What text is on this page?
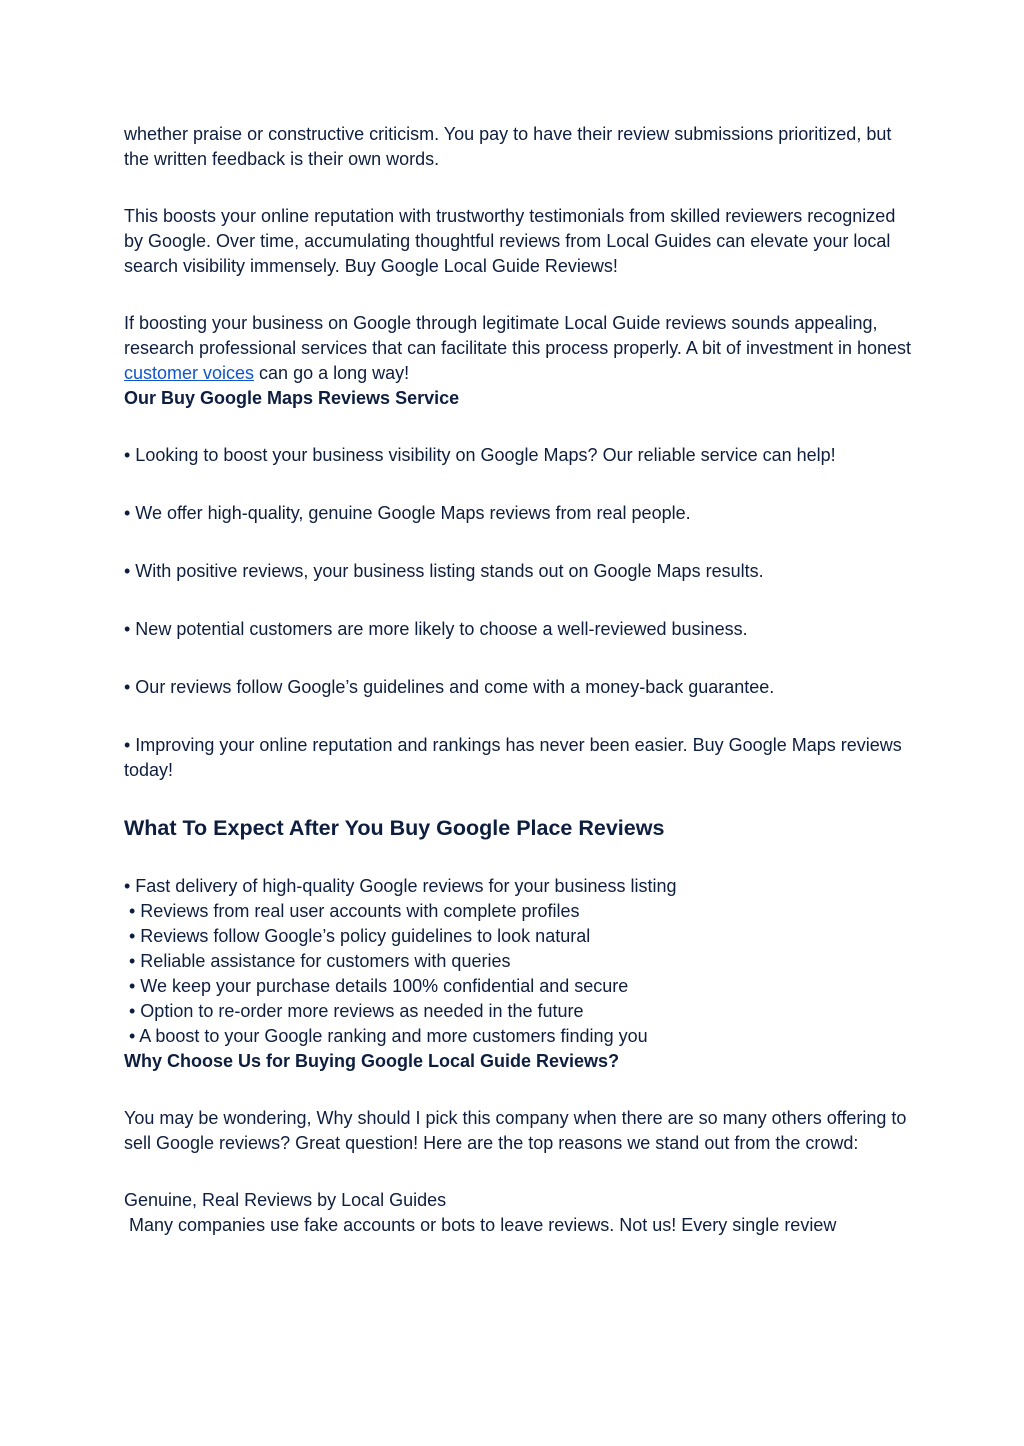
whether praise or constructive criticism. You pay to have their review submissions prioritized, but the written feedback is their own words.

This boosts your online reputation with trustworthy testimonials from skilled reviewers recognized by Google. Over time, accumulating thoughtful reviews from Local Guides can elevate your local search visibility immensely. Buy Google Local Guide Reviews!

If boosting your business on Google through legitimate Local Guide reviews sounds appealing, research professional services that can facilitate this process properly. A bit of investment in honest customer voices can go a long way!

Our Buy Google Maps Reviews Service

• Looking to boost your business visibility on Google Maps? Our reliable service can help!

• We offer high-quality, genuine Google Maps reviews from real people.

• With positive reviews, your business listing stands out on Google Maps results.

• New potential customers are more likely to choose a well-reviewed business.

• Our reviews follow Google’s guidelines and come with a money-back guarantee.

• Improving your online reputation and rankings has never been easier. Buy Google Maps reviews today!

What To Expect After You Buy Google Place Reviews

• Fast delivery of high-quality Google reviews for your business listing
• Reviews from real user accounts with complete profiles
• Reviews follow Google’s policy guidelines to look natural
• Reliable assistance for customers with queries
• We keep your purchase details 100% confidential and secure
• Option to re-order more reviews as needed in the future
• A boost to your Google ranking and more customers finding you

Why Choose Us for Buying Google Local Guide Reviews?

You may be wondering, Why should I pick this company when there are so many others offering to sell Google reviews? Great question! Here are the top reasons we stand out from the crowd:

Genuine, Real Reviews by Local Guides
Many companies use fake accounts or bots to leave reviews. Not us! Every single review
